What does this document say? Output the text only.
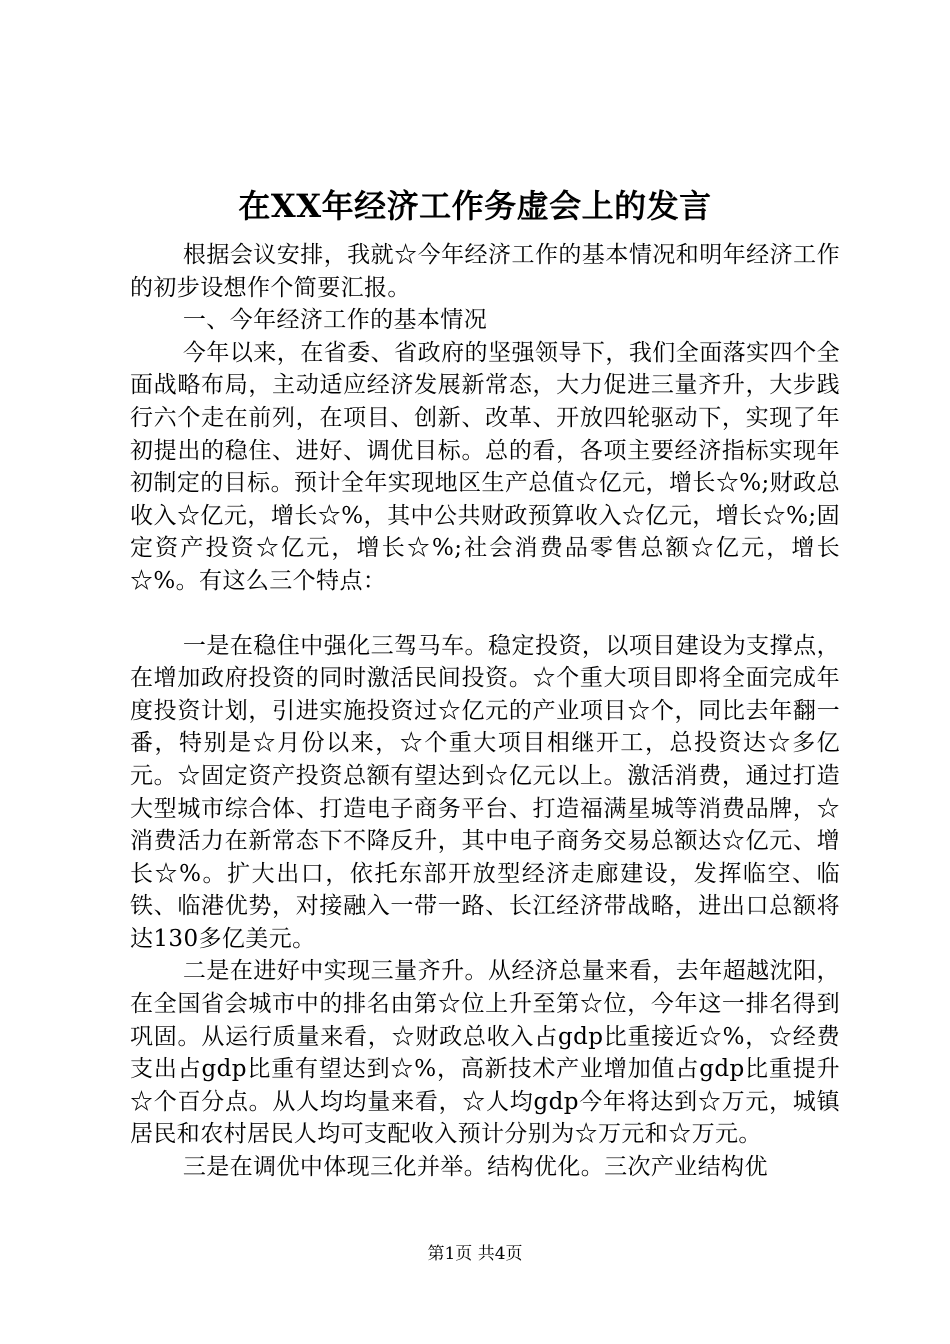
在XX年经济工作务虚会上的发言

根据会议安排，我就☆今年经济工作的基本情况和明年经济工作的初步设想作个简要汇报。

一、今年经济工作的基本情况

今年以来，在省委、省政府的坚强领导下，我们全面落实四个全面战略布局，主动适应经济发展新常态，大力促进三量齐升，大步践行六个走在前列，在项目、创新、改革、开放四轮驱动下，实现了年初提出的稳住、进好、调优目标。总的看，各项主要经济指标实现年初制定的目标。预计全年实现地区生产总值☆亿元，增长☆%;财政总收入☆亿元，增长☆%，其中公共财政预算收入☆亿元，增长☆%;固定资产投资☆亿元，增长☆%;社会消费品零售总额☆亿元，增长☆%。有这么三个特点：

一是在稳住中强化三驾马车。稳定投资，以项目建设为支撑点，在增加政府投资的同时激活民间投资。☆个重大项目即将全面完成年度投资计划，引进实施投资过☆亿元的产业项目☆个，同比去年翻一番，特别是☆月份以来，☆个重大项目相继开工，总投资达☆多亿元。☆固定资产投资总额有望达到☆亿元以上。激活消费，通过打造大型城市综合体、打造电子商务平台、打造福满星城等消费品牌，☆消费活力在新常态下不降反升，其中电子商务交易总额达☆亿元、增长☆%。扩大出口，依托东部开放型经济走廊建设，发挥临空、临铁、临港优势，对接融入一带一路、长江经济带战略，进出口总额将达130多亿美元。

二是在进好中实现三量齐升。从经济总量来看，去年超越沈阳，在全国省会城市中的排名由第☆位上升至第☆位，今年这一排名得到巩固。从运行质量来看，☆财政总收入占gdp比重接近☆%，☆经费支出占gdp比重有望达到☆%，高新技术产业增加值占gdp比重提升☆个百分点。从人均均量来看，☆人均gdp今年将达到☆万元，城镇居民和农村居民人均可支配收入预计分别为☆万元和☆万元。

三是在调优中体现三化并举。结构优化。三次产业结构优

第1页 共4页
